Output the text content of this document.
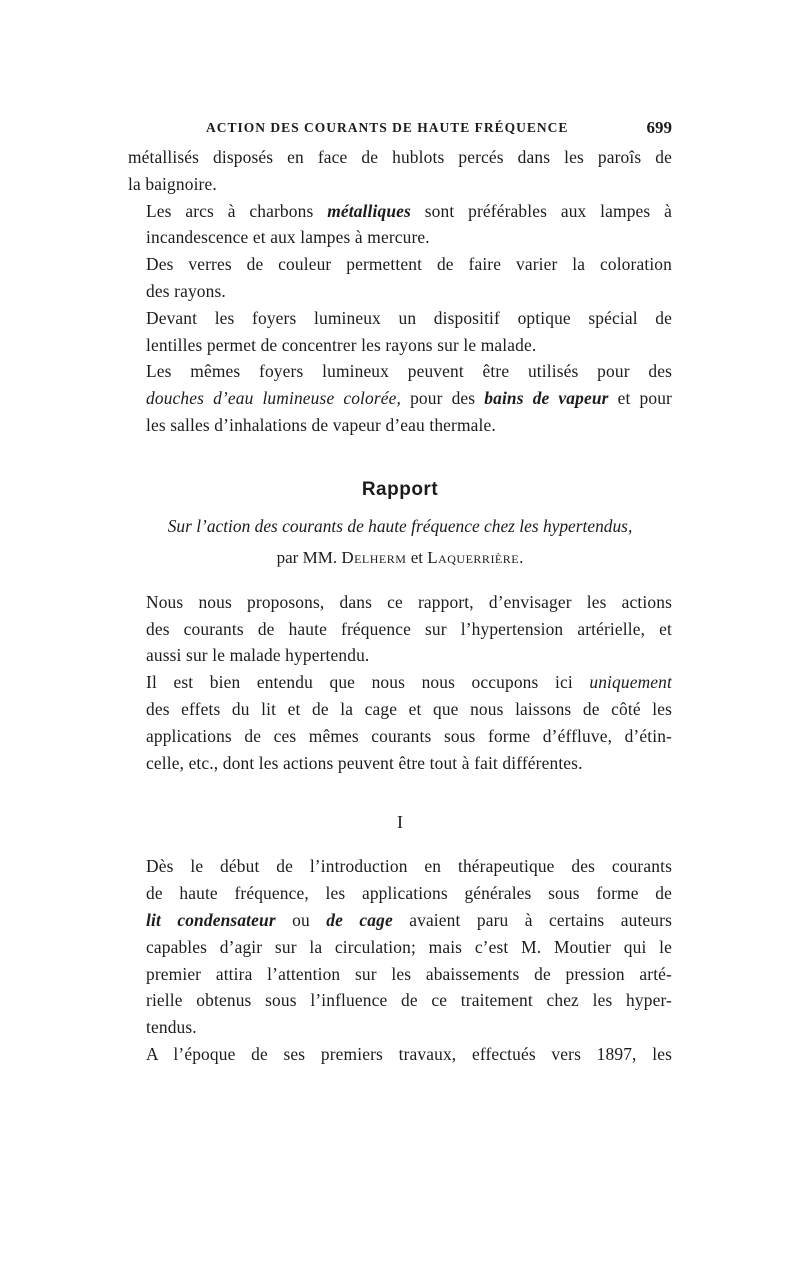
ACTION DES COURANTS DE HAUTE FRÉQUENCE	699

métallisés disposés en face de hublots percés dans les paroîs de
la baignoire.

Les arcs à charbons métalliques sont préférables aux lampes à
incandescence et aux lampes à mercure.

Des verres de couleur permettent de faire varier la coloration
des rayons.

Devant les foyers lumineux un dispositif optique spécial de
lentilles permet de concentrer les rayons sur le malade.

Les mêmes foyers lumineux peuvent être utilisés pour des
douches d’eau lumineuse colorée, pour des bains de vapeur et pour
les salles d’inhalations de vapeur d’eau thermale.

Rapport

Sur l’action des courants de haute fréquence chez les hypertendus,

par MM. Delherm et Laquerrière.

Nous nous proposons, dans ce rapport, d’envisager les actions
des courants de haute fréquence sur l’hypertension artérielle, et
aussi sur le malade hypertendu.

Il est bien entendu que nous nous occupons ici uniquement
des effets du lit et de la cage et que nous laissons de côté les
applications de ces mêmes courants sous forme d’éffluve, d’étin-
celle, etc., dont les actions peuvent être tout à fait différentes.

I

Dès le début de l’introduction en thérapeutique des courants
de haute fréquence, les applications générales sous forme de
lit condensateur ou de cage avaient paru à certains auteurs
capables d’agir sur la circulation; mais c’est M. Moutier qui le
premier attira l’attention sur les abaissements de pression arté-
rielle obtenus sous l’influence de ce traitement chez les hyper-
tendus.

A l’époque de ses premiers travaux, effectués vers 1897, les
